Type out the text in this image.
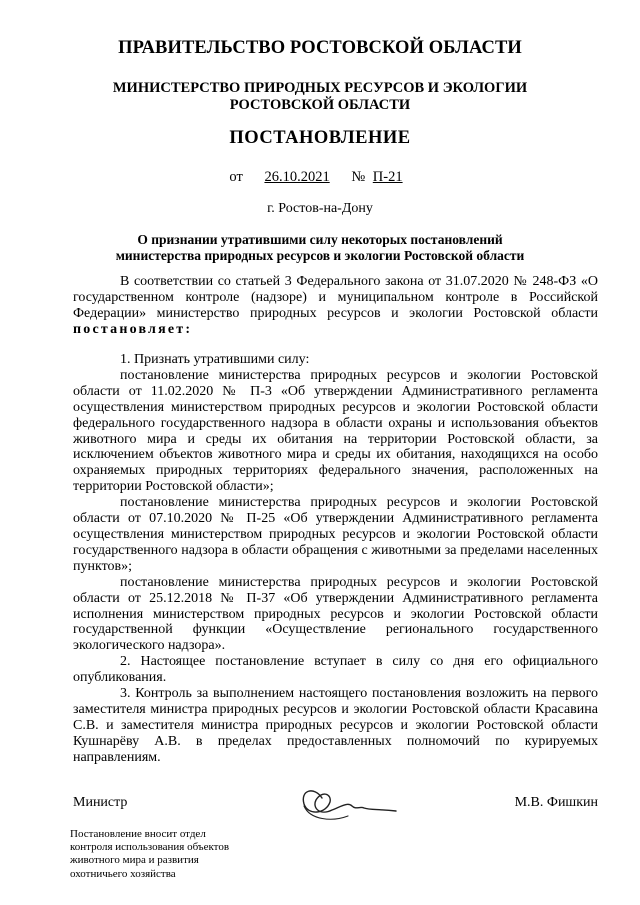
ПРАВИТЕЛЬСТВО РОСТОВСКОЙ ОБЛАСТИ
МИНИСТЕРСТВО ПРИРОДНЫХ РЕСУРСОВ И ЭКОЛОГИИ
РОСТОВСКОЙ ОБЛАСТИ
ПОСТАНОВЛЕНИЕ
от 26.10.2021 № П-21
г. Ростов-на-Дону
О признании утратившими силу некоторых постановлений
министерства природных ресурсов и экологии Ростовской области

В соответствии со статьей 3 Федерального закона от 31.07.2020 № 248-ФЗ «О государственном контроле (надзоре) и муниципальном контроле в Российской Федерации» министерство природных ресурсов и экологии Ростовской области постановляет:

1. Признать утратившими силу:

постановление министерства природных ресурсов и экологии Ростовской области от 11.02.2020 № П-3 «Об утверждении Административного регламента осуществления министерством природных ресурсов и экологии Ростовской области федерального государственного надзора в области охраны и использования объектов животного мира и среды их обитания на территории Ростовской области, за исключением объектов животного мира и среды их обитания, находящихся на особо охраняемых природных территориях федерального значения, расположенных на территории Ростовской области»;

постановление министерства природных ресурсов и экологии Ростовской области от 07.10.2020 № П-25 «Об утверждении Административного регламента осуществления министерством природных ресурсов и экологии Ростовской области государственного надзора в области обращения с животными за пределами населенных пунктов»;

постановление министерства природных ресурсов и экологии Ростовской области от 25.12.2018 № П-37 «Об утверждении Административного регламента исполнения министерством природных ресурсов и экологии Ростовской области государственной функции «Осуществление регионального государственного экологического надзора».

2. Настоящее постановление вступает в силу со дня его официального опубликования.

3. Контроль за выполнением настоящего постановления возложить на первого заместителя министра природных ресурсов и экологии Ростовской области Красавина С.В. и заместителя министра природных ресурсов и экологии Ростовской области Кушнарёву А.В. в пределах предоставленных полномочий по курируемых направлениям.

Министр	М.В. Фишкин
Постановление вносит отдел
контроля использования объектов
животного мира и развития
охотничьего хозяйства
